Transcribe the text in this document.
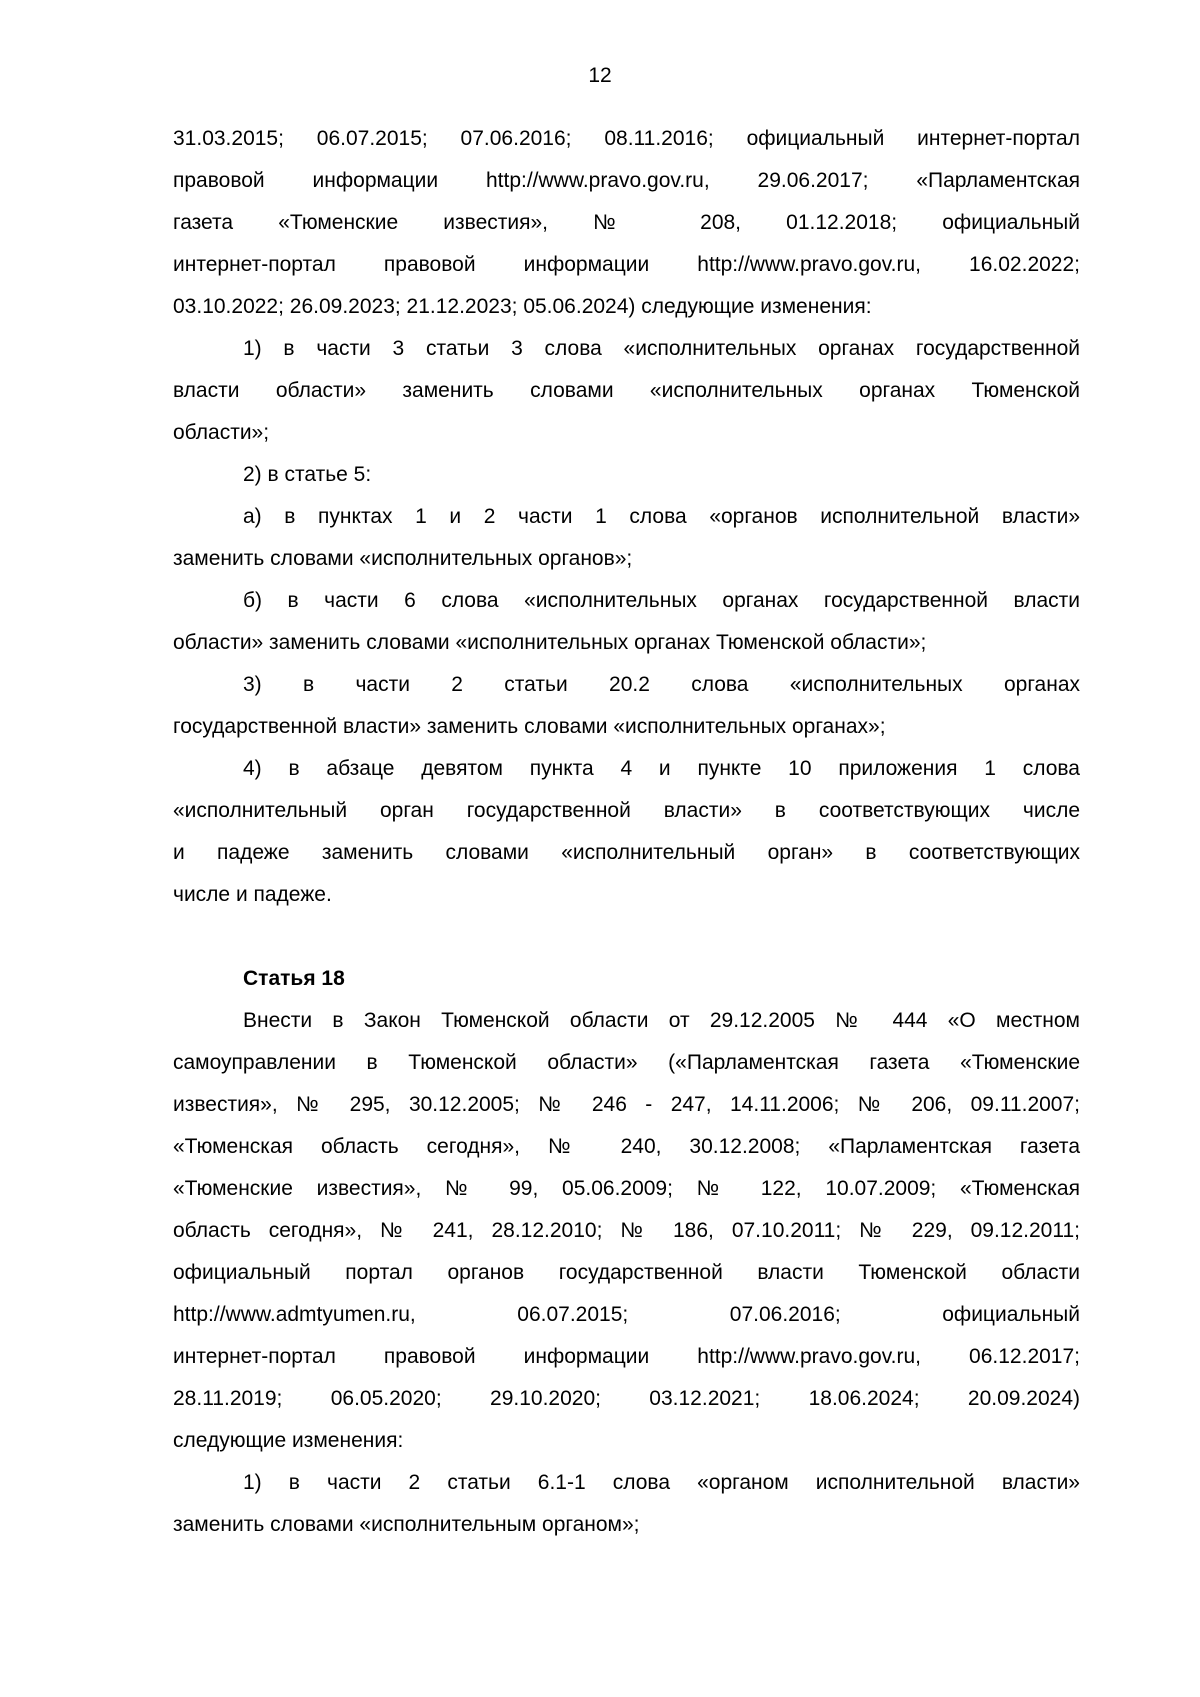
12
31.03.2015; 06.07.2015; 07.06.2016; 08.11.2016; официальный интернет-портал
правовой информации http://www.pravo.gov.ru, 29.06.2017; «Парламентская
газета «Тюменские известия», № 208, 01.12.2018; официальный
интернет-портал правовой информации http://www.pravo.gov.ru, 16.02.2022;
03.10.2022; 26.09.2023; 21.12.2023; 05.06.2024) следующие изменения:
1) в части 3 статьи 3 слова «исполнительных органах государственной
власти области» заменить словами «исполнительных органах Тюменской
области»;
2) в статье 5:
а) в пунктах 1 и 2 части 1 слова «органов исполнительной власти»
заменить словами «исполнительных органов»;
б) в части 6 слова «исполнительных органах государственной власти
области» заменить словами «исполнительных органах Тюменской области»;
3) в части 2 статьи 20.2 слова «исполнительных органах
государственной власти» заменить словами «исполнительных органах»;
4) в абзаце девятом пункта 4 и пункте 10 приложения 1 слова
«исполнительный орган государственной власти» в соответствующих числе
и падеже заменить словами «исполнительный орган» в соответствующих
числе и падеже.
Статья 18
Внести в Закон Тюменской области от 29.12.2005 № 444 «О местном
самоуправлении в Тюменской области» («Парламентская газета «Тюменские
известия», № 295, 30.12.2005; № 246 - 247, 14.11.2006; № 206, 09.11.2007;
«Тюменская область сегодня», № 240, 30.12.2008; «Парламентская газета
«Тюменские известия», № 99, 05.06.2009; № 122, 10.07.2009; «Тюменская
область сегодня», № 241, 28.12.2010; № 186, 07.10.2011; № 229, 09.12.2011;
официальный портал органов государственной власти Тюменской области
http://www.admtyumen.ru, 06.07.2015; 07.06.2016; официальный
интернет-портал правовой информации http://www.pravo.gov.ru, 06.12.2017;
28.11.2019; 06.05.2020; 29.10.2020; 03.12.2021; 18.06.2024; 20.09.2024)
следующие изменения:
1) в части 2 статьи 6.1-1 слова «органом исполнительной власти»
заменить словами «исполнительным органом»;
